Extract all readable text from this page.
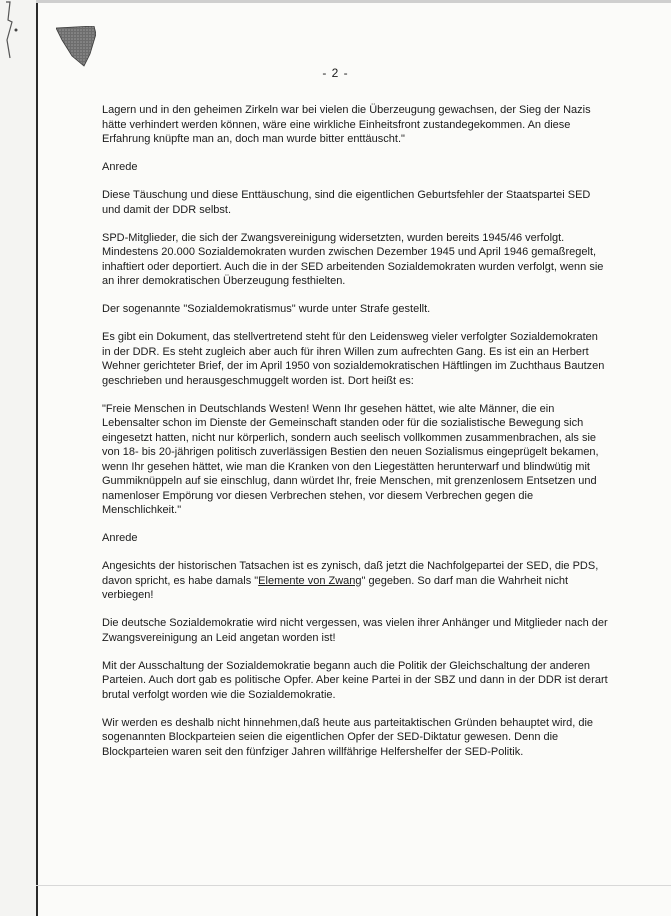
- 2 -

Lagern und in den geheimen Zirkeln war bei vielen die Überzeugung gewachsen, der Sieg der Nazis hätte verhindert werden können, wäre eine wirkliche Einheitsfront zustandegekommen. An diese Erfahrung knüpfte man an, doch man wurde bitter enttäuscht."

Anrede

Diese Täuschung und diese Enttäuschung, sind die eigentlichen Geburtsfehler der Staatspartei SED und damit der DDR selbst.

SPD-Mitglieder, die sich der Zwangsvereinigung widersetzten, wurden bereits 1945/46 verfolgt. Mindestens 20.000 Sozialdemokraten wurden zwischen Dezember 1945 und April 1946 gemaßregelt, inhaftiert oder deportiert. Auch die in der SED arbeitenden Sozialdemokraten wurden verfolgt, wenn sie an ihrer demokratischen Überzeugung festhielten.

Der sogenannte "Sozialdemokratismus" wurde unter Strafe gestellt.

Es gibt ein Dokument, das stellvertretend steht für den Leidensweg vieler verfolgter Sozialdemokraten in der DDR. Es steht zugleich aber auch für ihren Willen zum aufrechten Gang. Es ist ein an Herbert Wehner gerichteter Brief, der im April 1950 von sozialdemokratischen Häftlingen im Zuchthaus Bautzen geschrieben und herausgeschmuggelt worden ist. Dort heißt es:

"Freie Menschen in Deutschlands Westen! Wenn Ihr gesehen hättet, wie alte Männer, die ein Lebensalter schon im Dienste der Gemeinschaft standen oder für die sozialistische Bewegung sich eingesetzt hatten, nicht nur körperlich, sondern auch seelisch vollkommen zusammenbrachen, als sie von 18- bis 20-jährigen politisch zuverlässigen Bestien den neuen Sozialismus eingeprügelt bekamen, wenn Ihr gesehen hättet, wie man die Kranken von den Liegestätten herunterwarf und blindwütig mit Gummiknüppeln auf sie einschlug, dann würdet Ihr, freie Menschen, mit grenzenlosem Entsetzen und namenloser Empörung vor diesen Verbrechen stehen, vor diesem Verbrechen gegen die Menschlichkeit."

Anrede

Angesichts der historischen Tatsachen ist es zynisch, daß jetzt die Nachfolgepartei der SED, die PDS, davon spricht, es habe damals "Elemente von Zwang" gegeben. So darf man die Wahrheit nicht verbiegen!

Die deutsche Sozialdemokratie wird nicht vergessen, was vielen ihrer Anhänger und Mitglieder nach der Zwangsvereinigung an Leid angetan worden ist!

Mit der Ausschaltung der Sozialdemokratie begann auch die Politik der Gleichschaltung der anderen Parteien. Auch dort gab es politische Opfer. Aber keine Partei in der SBZ und dann in der DDR ist derart brutal verfolgt worden wie die Sozialdemokratie.

Wir werden es deshalb nicht hinnehmen,daß heute aus parteitaktischen Gründen behauptet wird, die sogenannten Blockparteien seien die eigentlichen Opfer der SED-Diktatur gewesen. Denn die Blockparteien waren seit den fünfziger Jahren willfährige Helfershelfer der SED-Politik.
